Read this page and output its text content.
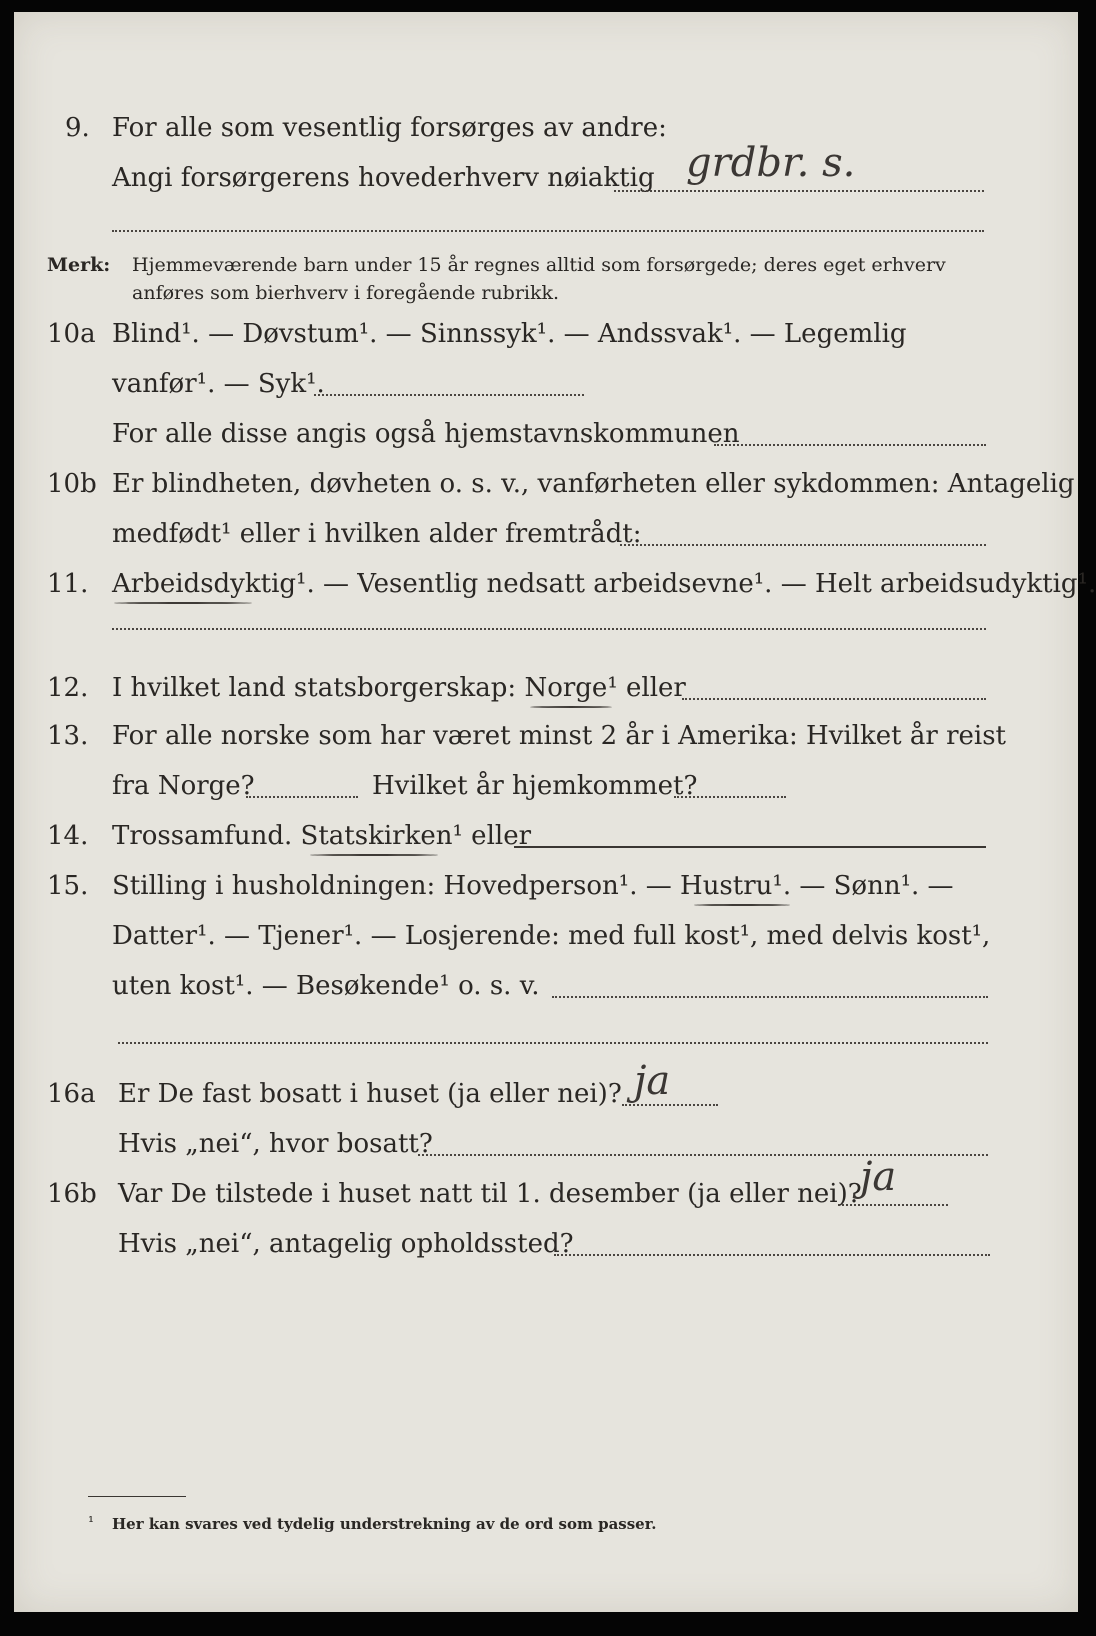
9. For alle som vesentlig forsørges av andre:
Angi forsørgerens hovederhverv nøiaktig grdbr. s.
Merk: Hjemmeværende barn under 15 år regnes alltid som forsørgede; deres eget erhverv
anføres som bierhverv i foregående rubrikk.
10a Blind¹. — Døvstum¹. — Sinnssyk¹. — Andssvak¹. — Legemlig
vanfør¹. — Syk¹.
For alle disse angis også hjemstavnskommunen
10b Er blindheten, døvheten o. s. v., vanførheten eller sykdommen: Antagelig
medfødt¹ eller i hvilken alder fremtrådt:
11. Arbeidsdyktig¹. — Vesentlig nedsatt arbeidsevne¹. — Helt arbeidsudyktig¹.
12. I hvilket land statsborgerskap: Norge¹ eller
13. For alle norske som har været minst 2 år i Amerika: Hvilket år reist
fra Norge?	Hvilket år hjemkommet?
14. Trossamfund. Statskirken¹ eller
15. Stilling i husholdningen: Hovedperson¹. — Hustru¹. — Sønn¹. —
Datter¹. — Tjener¹. — Losjerende: med full kost¹, med delvis kost¹,
uten kost¹. — Besøkende¹ o. s. v.
16a Er De fast bosatt i huset (ja eller nei)? ja
Hvis „nei“, hvor bosatt?
16b Var De tilstede i huset natt til 1. desember (ja eller nei)?
ja
Hvis „nei“, antagelig opholdssted?
¹ Her kan svares ved tydelig understrekning av de ord som passer.
